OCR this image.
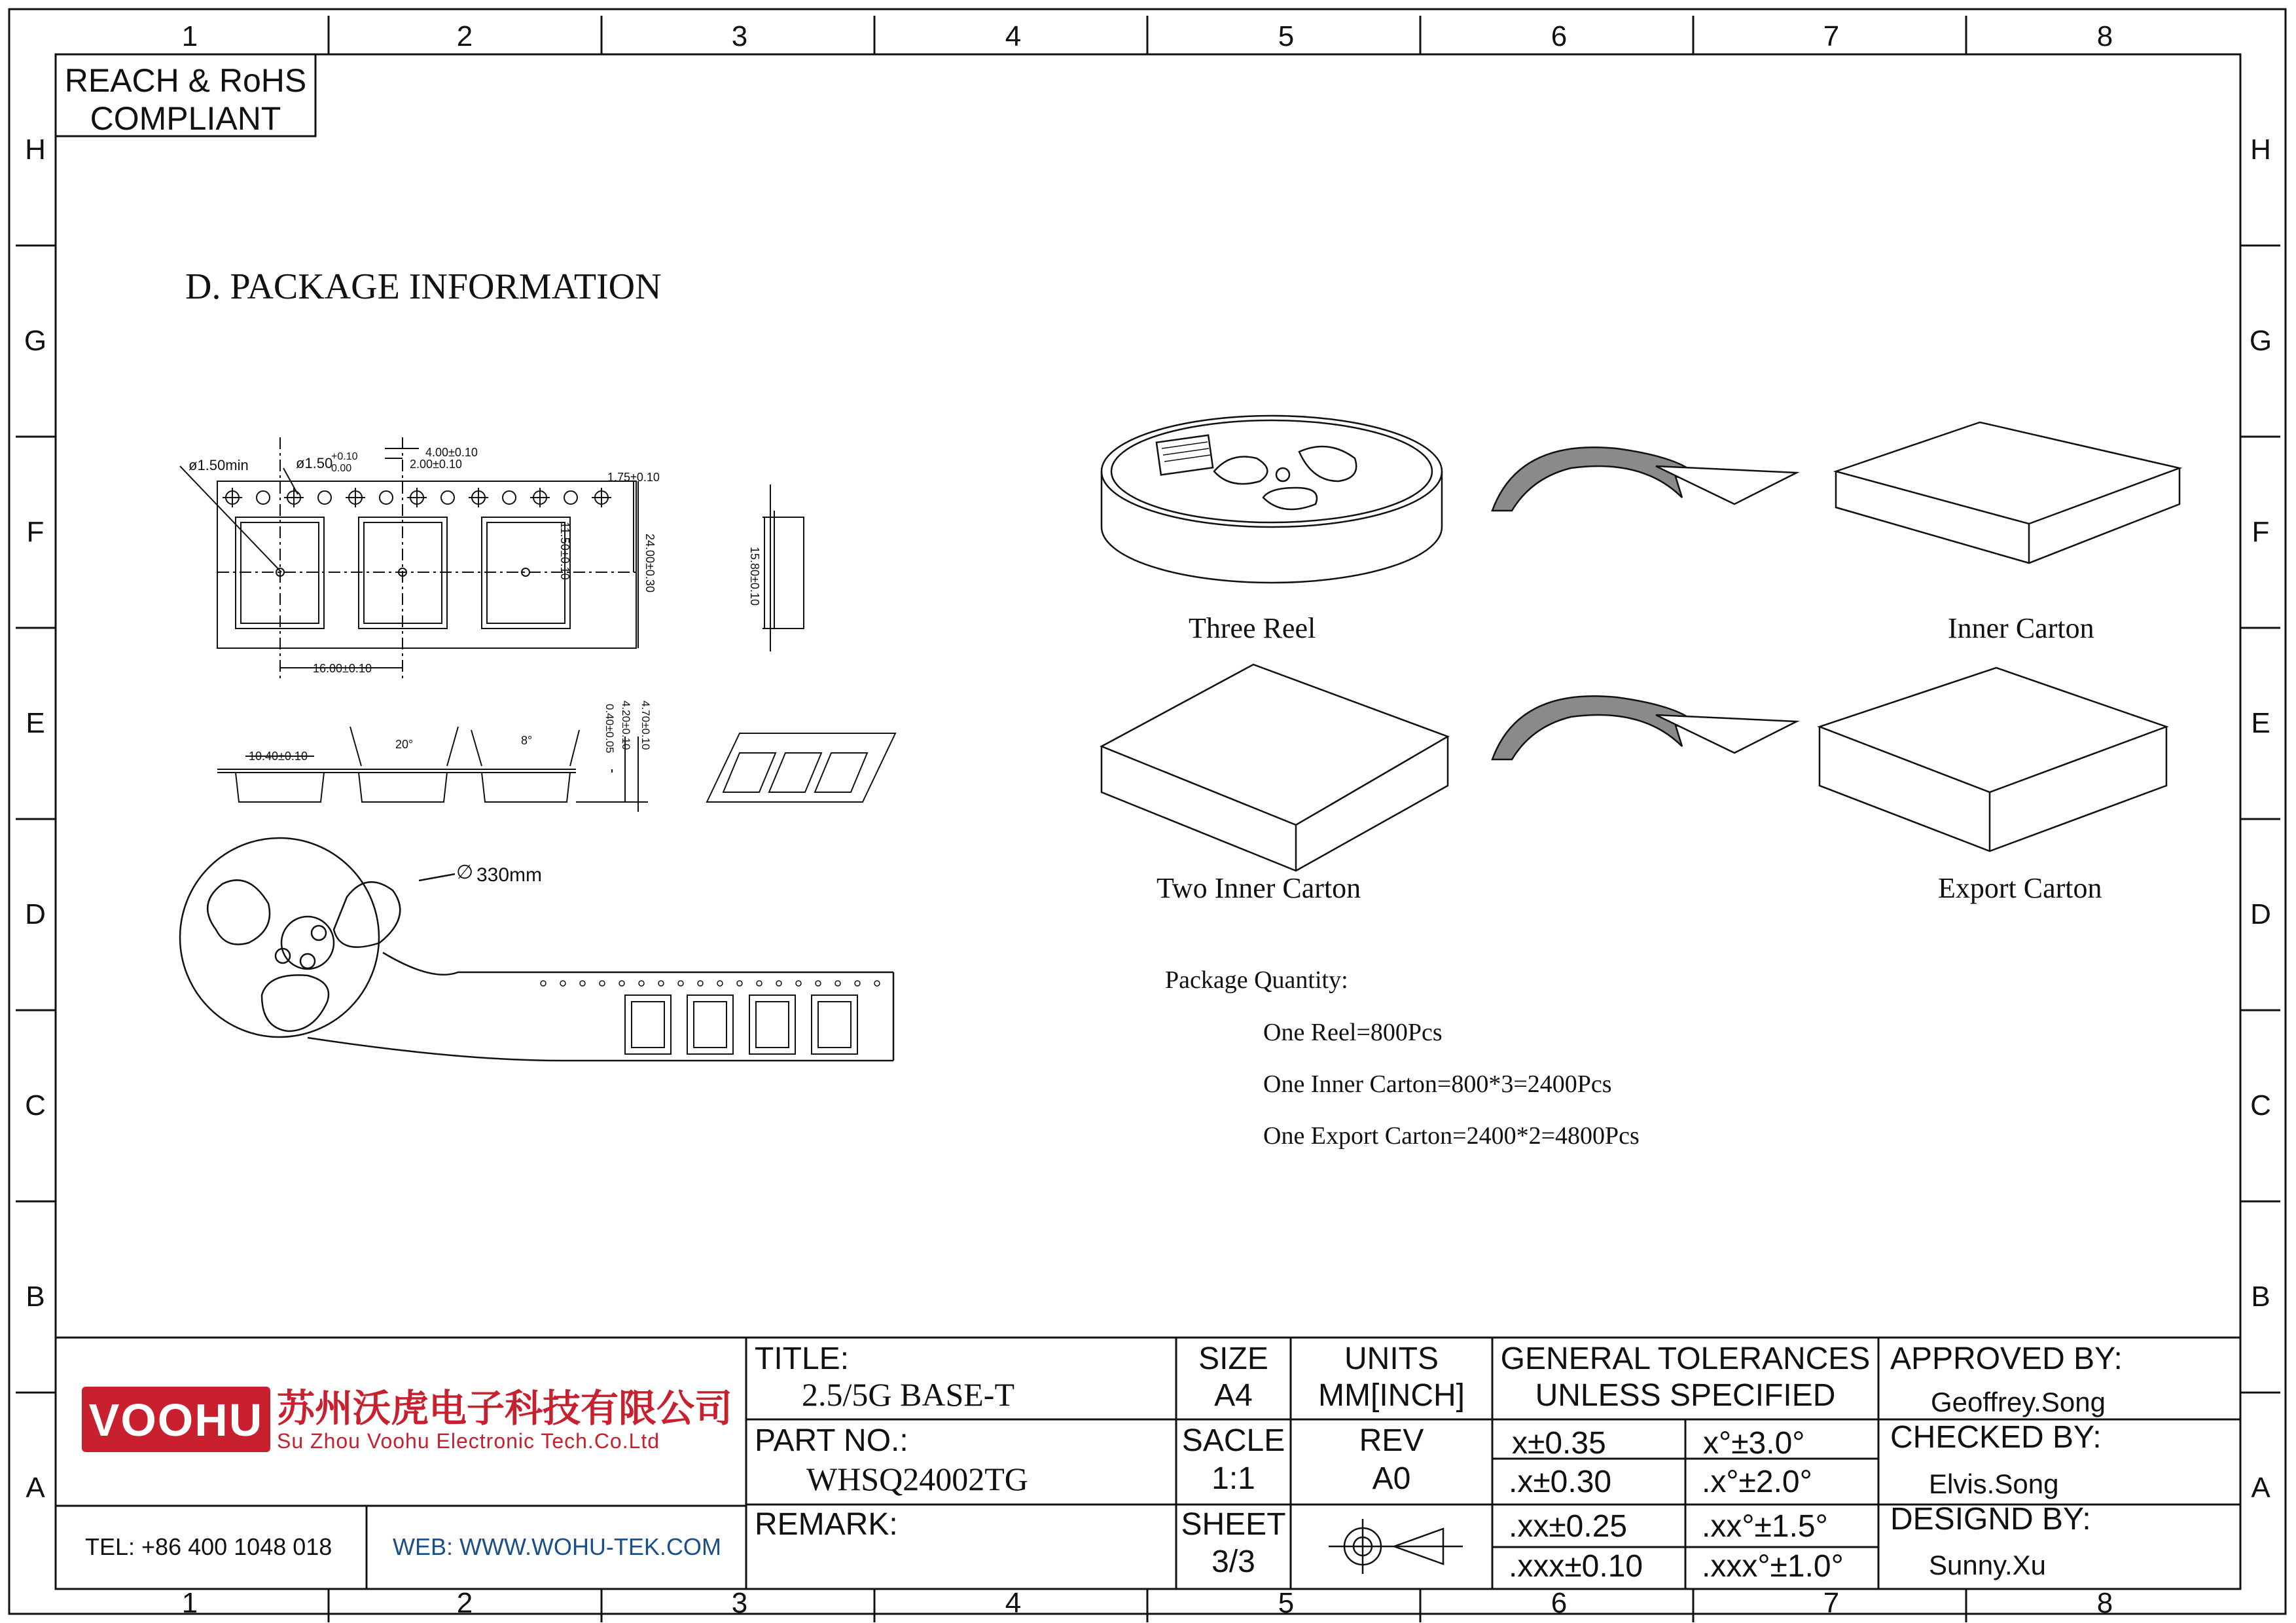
1	2	3	4	5	6	7	8
1	2	3	4	5	6	7	8
H
G
F
E
D
C
B
A
H
G
F
E
D
C
B
A
REACH & RoHS
COMPLIANT
D. PACKAGE INFORMATION
ø1.50min	ø1.50
+0.10
0.00
4.00±0.10
2.00±0.10
1.75±0.10
11.50±0.10	24.00±0.30	15.80±0.10
16.00±0.10
10.40±0.10
20°	8°	0.40±0.05 4.20±0.10 4.70±0.10
∅ 330mm
Three Reel	Inner Carton
Two Inner Carton	Export Carton
Package Quantity:
One Reel=800Pcs
One Inner Carton=800*3=2400Pcs
One Export Carton=2400*2=4800Pcs
VOOHU 苏州沃虎电子科技有限公司
Su Zhou Voohu Electronic Tech.Co.Ltd
TEL: +86 400 1048 018	WEB: WWW.WOHU-TEK.COM
TITLE:
2.5/5G BASE-T
PART NO.:
WHSQ24002TG
REMARK:
SIZE
A4
UNITS
MM[INCH]
SACLE
1:1
REV
A0
SHEET
3/3
GENERAL TOLERANCES
UNLESS SPECIFIED
x±0.35	x°±3.0°
.x±0.30	.x°±2.0°
.xx±0.25 .xx°±1.5°
.xxx±0.10 .xxx°±1.0°
APPROVED BY:
Geoffrey.Song
CHECKED BY:
Elvis.Song
DESIGND BY:
Sunny.Xu
